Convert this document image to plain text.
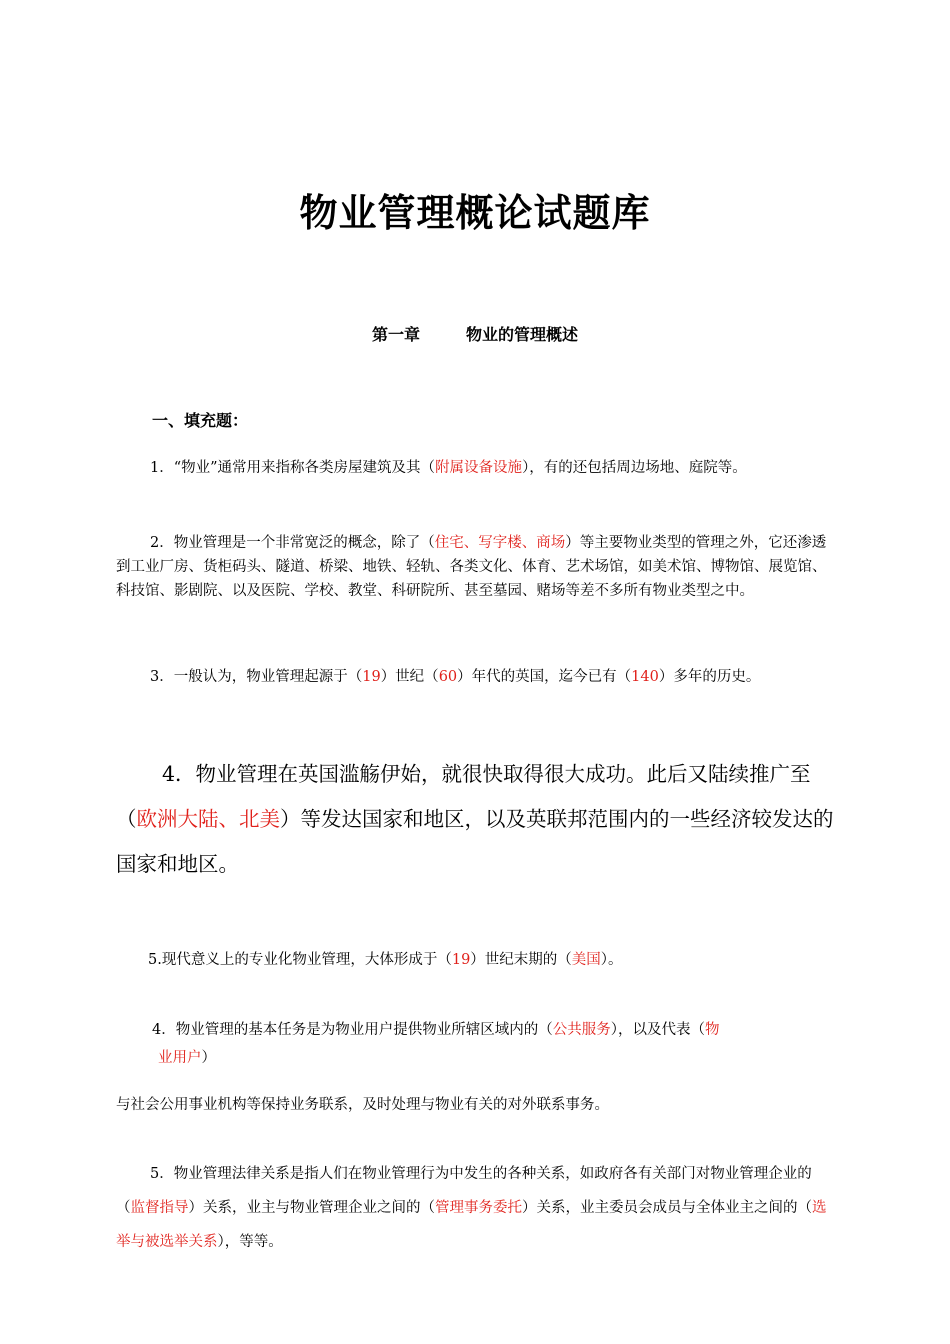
物业管理概论试题库
第一章	物业的管理概述
一、填充题：
1．“物业”通常用来指称各类房屋建筑及其（附属设备设施），有的还包括周边场地、庭院等。
2．物业管理是一个非常宽泛的概念，除了（住宅、写字楼、商场）等主要物业类型的管理之外，它还渗透到工业厂房、货柜码头、隧道、桥梁、地铁、轻轨、各类文化、体育、艺术场馆，如美术馆、博物馆、展览馆、科技馆、影剧院、以及医院、学校、教堂、科研院所、甚至墓园、赌场等差不多所有物业类型之中。
3．一般认为，物业管理起源于（19）世纪（60）年代的英国，迄今已有（140）多年的历史。
4．物业管理在英国滥觞伊始，就很快取得很大成功。此后又陆续推广至（欧洲大陆、北美）等发达国家和地区，以及英联邦范围内的一些经济较发达的国家和地区。
5.现代意义上的专业化物业管理，大体形成于（19）世纪末期的（美国）。
4．物业管理的基本任务是为物业用户提供物业所辖区域内的（公共服务），以及代表（物
业用户）
与社会公用事业机构等保持业务联系，及时处理与物业有关的对外联系事务。
5．物业管理法律关系是指人们在物业管理行为中发生的各种关系，如政府各有关部门对物业管理企业的（监督指导）关系，业主与物业管理企业之间的（管理事务委托）关系，业主委员会成员与全体业主之间的（选举与被选举关系），等等。
